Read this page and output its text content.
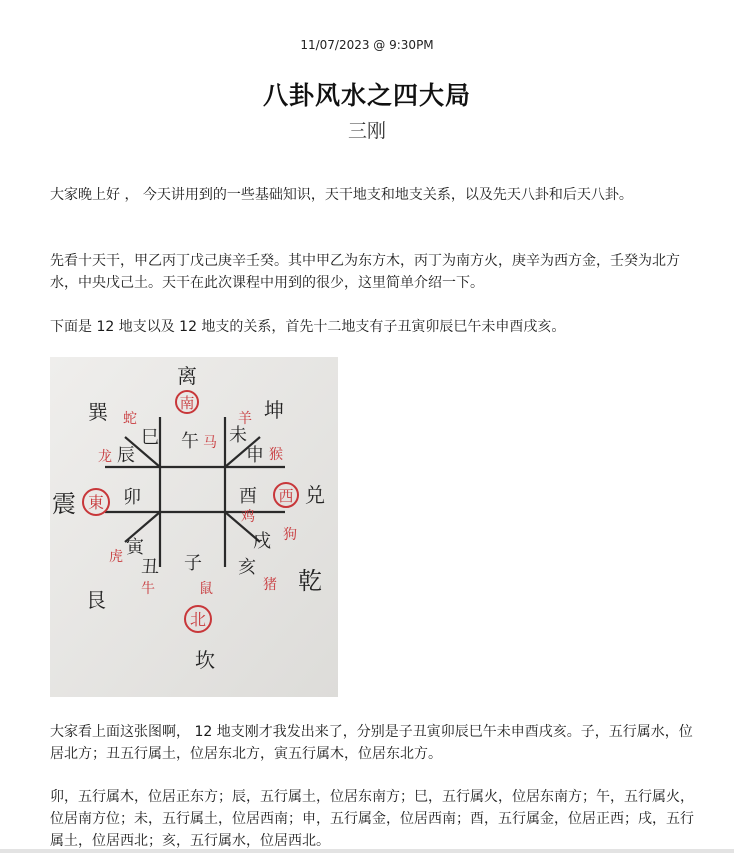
11/07/2023 @ 9:30PM
八卦风水之四大局
三刚

大家晚上好 ， 今天讲用到的一些基础知识，天干地支和地支关系，以及先天八卦和后天八卦。

先看十天干，甲乙丙丁戊己庚辛壬癸。其中甲乙为东方木，丙丁为南方火，庚辛为西方金，壬癸为北方水，中央戊己土。天干在此次课程中用到的很少，这里简单介绍一下。

下面是 12 地支以及 12 地支的关系，首先十二地支有子丑寅卯辰巳午未申酉戌亥。

离
坤
兑
乾
坎
艮
震
巽	南
東	西
北
午 未
申
酉
戌
亥
子
丑
寅
卯
辰
巳	马
羊
猴
鸡
狗
猪
鼠
牛
虎
龙
蛇

大家看上面这张图啊， 12 地支刚才我发出来了，分别是子丑寅卯辰巳午未申酉戌亥。子，五行属水，位居北方；丑五行属土，位居东北方，寅五行属木，位居东北方。

卯，五行属木，位居正东方；辰，五行属土，位居东南方；巳，五行属火，位居东南方；午，五行属火，位居南方位；未，五行属土，位居西南；申，五行属金，位居西南；酉，五行属金，位居正西；戌，五行属土，位居西北；亥，五行属水，位居西北。
